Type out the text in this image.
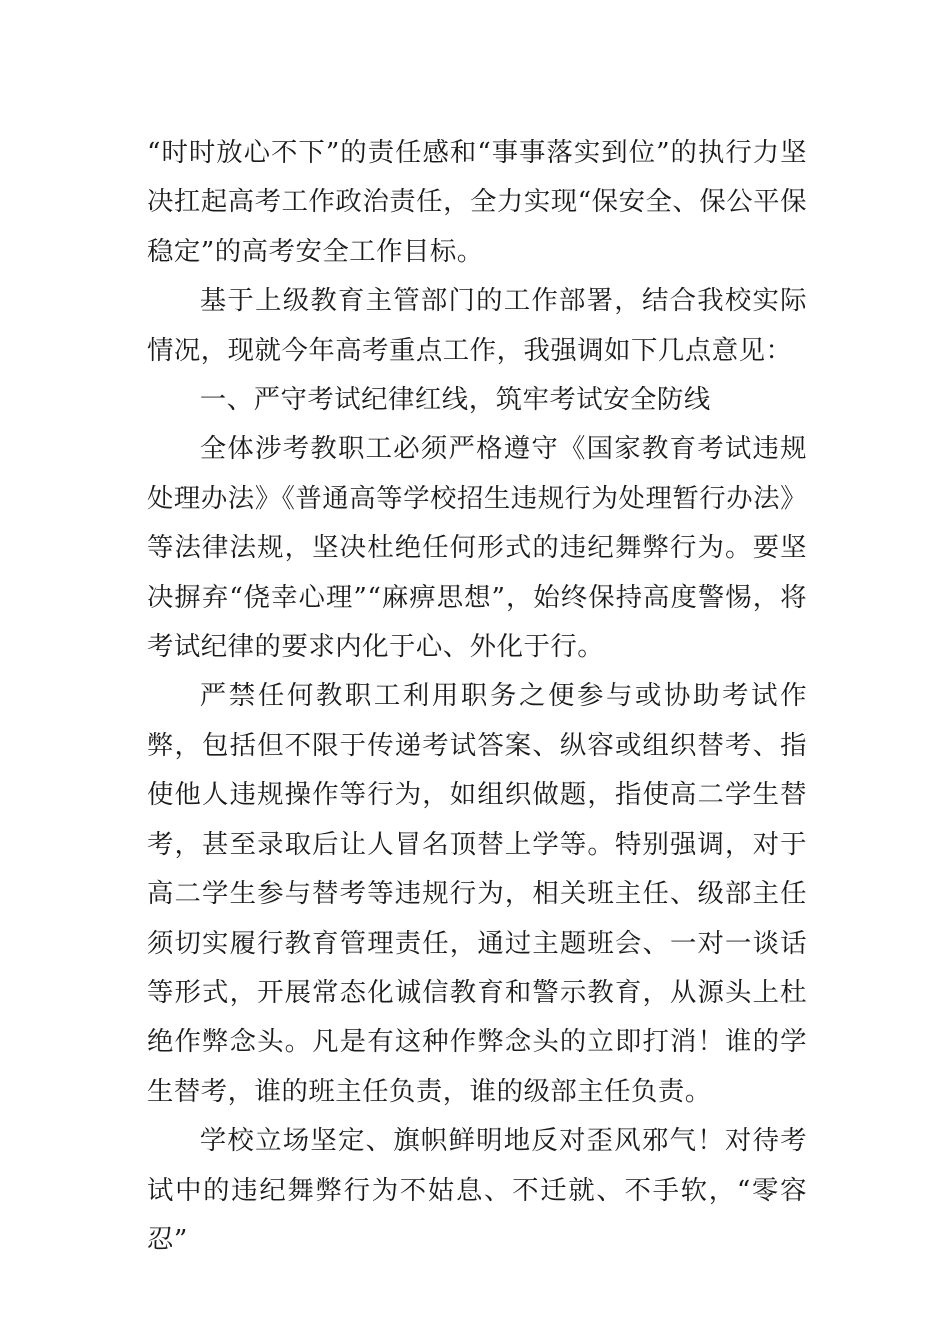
“时时放心不下”的责任感和“事事落实到位”的执行力坚决扛起高考工作政治责任，全力实现“保安全、保公平保稳定”的高考安全工作目标。

基于上级教育主管部门的工作部署，结合我校实际情况，现就今年高考重点工作，我强调如下几点意见：

一、严守考试纪律红线，筑牢考试安全防线

全体涉考教职工必须严格遵守《国家教育考试违规处理办法》《普通高等学校招生违规行为处理暂行办法》等法律法规，坚决杜绝任何形式的违纪舞弊行为。要坚决摒弃“侥幸心理”“麻痹思想”，始终保持高度警惕，将考试纪律的要求内化于心、外化于行。

严禁任何教职工利用职务之便参与或协助考试作弊，包括但不限于传递考试答案、纵容或组织替考、指使他人违规操作等行为，如组织做题，指使高二学生替考，甚至录取后让人冒名顶替上学等。特别强调，对于高二学生参与替考等违规行为，相关班主任、级部主任须切实履行教育管理责任，通过主题班会、一对一谈话等形式，开展常态化诚信教育和警示教育，从源头上杜绝作弊念头。凡是有这种作弊念头的立即打消！谁的学生替考，谁的班主任负责，谁的级部主任负责。

学校立场坚定、旗帜鲜明地反对歪风邪气！对待考试中的违纪舞弊行为不姑息、不迁就、不手软，“零容忍”
